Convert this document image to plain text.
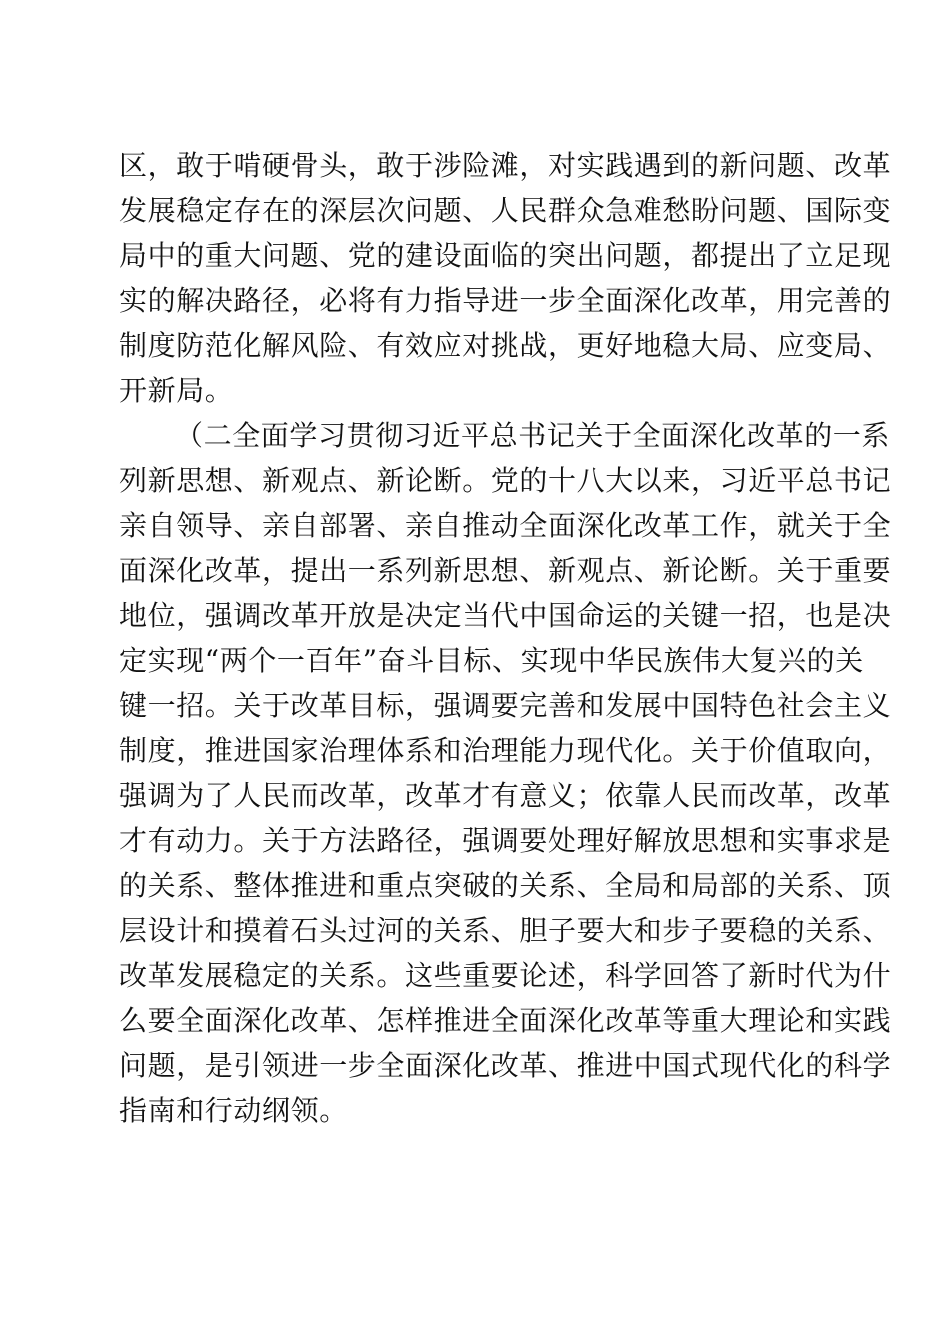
区，敢于啃硬骨头，敢于涉险滩，对实践遇到的新问题、改革
发展稳定存在的深层次问题、人民群众急难愁盼问题、国际变
局中的重大问题、党的建设面临的突出问题，都提出了立足现
实的解决路径，必将有力指导进一步全面深化改革，用完善的
制度防范化解风险、有效应对挑战，更好地稳大局、应变局、
开新局。
（二全面学习贯彻习近平总书记关于全面深化改革的一系
列新思想、新观点、新论断。党的十八大以来，习近平总书记
亲自领导、亲自部署、亲自推动全面深化改革工作，就关于全
面深化改革，提出一系列新思想、新观点、新论断。关于重要
地位，强调改革开放是决定当代中国命运的关键一招，也是决
定实现“两个一百年”奋斗目标、实现中华民族伟大复兴的关
键一招。关于改革目标，强调要完善和发展中国特色社会主义
制度，推进国家治理体系和治理能力现代化。关于价值取向，
强调为了人民而改革，改革才有意义；依靠人民而改革，改革
才有动力。关于方法路径，强调要处理好解放思想和实事求是
的关系、整体推进和重点突破的关系、全局和局部的关系、顶
层设计和摸着石头过河的关系、胆子要大和步子要稳的关系、
改革发展稳定的关系。这些重要论述，科学回答了新时代为什
么要全面深化改革、怎样推进全面深化改革等重大理论和实践
问题，是引领进一步全面深化改革、推进中国式现代化的科学
指南和行动纲领。
